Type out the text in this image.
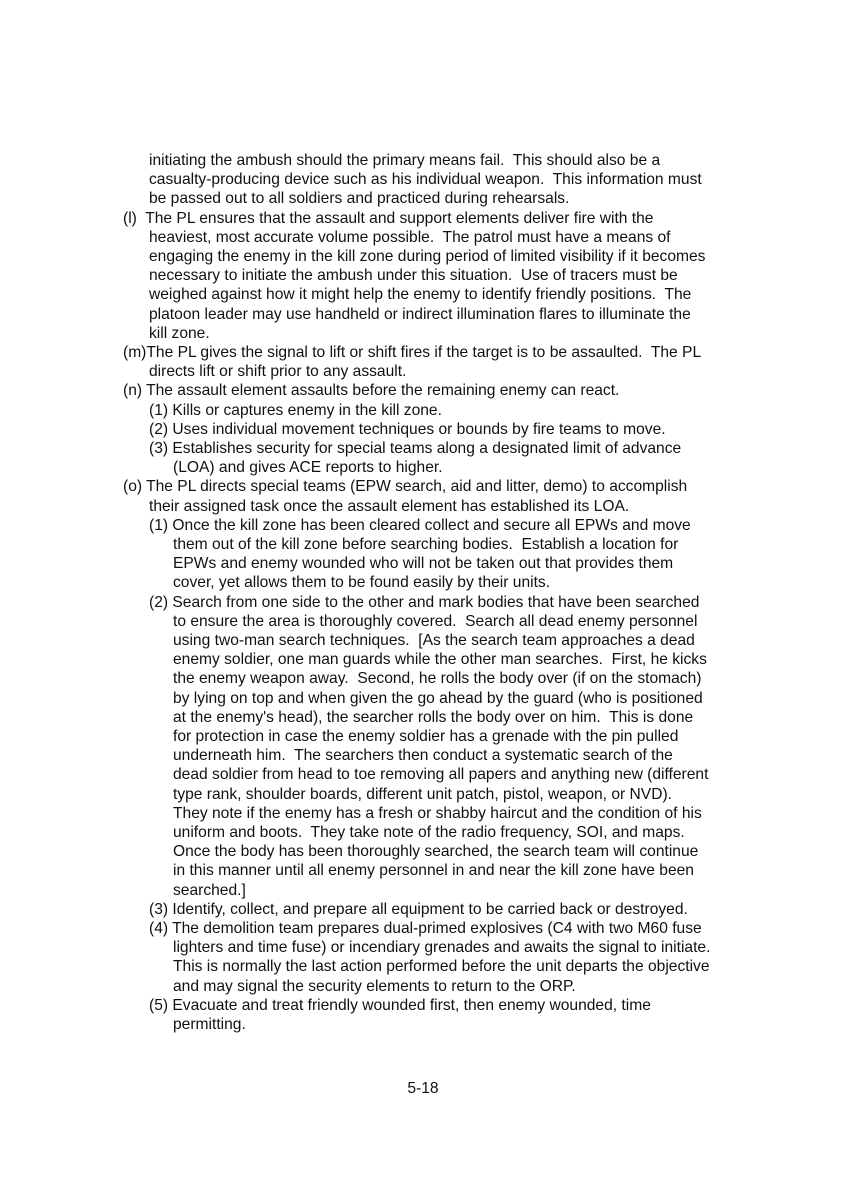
initiating the ambush should the primary means fail.  This should also be a
casualty-producing device such as his individual weapon.  This information must
be passed out to all soldiers and practiced during rehearsals.
(l)  The PL ensures that the assault and support elements deliver fire with the
heaviest, most accurate volume possible.  The patrol must have a means of
engaging the enemy in the kill zone during period of limited visibility if it becomes
necessary to initiate the ambush under this situation.  Use of tracers must be
weighed against how it might help the enemy to identify friendly positions.  The
platoon leader may use handheld or indirect illumination flares to illuminate the
kill zone.
(m)The PL gives the signal to lift or shift fires if the target is to be assaulted.  The PL
directs lift or shift prior to any assault.
(n) The assault element assaults before the remaining enemy can react.
(1) Kills or captures enemy in the kill zone.
(2) Uses individual movement techniques or bounds by fire teams to move.
(3) Establishes security for special teams along a designated limit of advance
(LOA) and gives ACE reports to higher.
(o) The PL directs special teams (EPW search, aid and litter, demo) to accomplish
their assigned task once the assault element has established its LOA.
(1) Once the kill zone has been cleared collect and secure all EPWs and move
them out of the kill zone before searching bodies.  Establish a location for
EPWs and enemy wounded who will not be taken out that provides them
cover, yet allows them to be found easily by their units.
(2) Search from one side to the other and mark bodies that have been searched
to ensure the area is thoroughly covered.  Search all dead enemy personnel
using two-man search techniques.  [As the search team approaches a dead
enemy soldier, one man guards while the other man searches.  First, he kicks
the enemy weapon away.  Second, he rolls the body over (if on the stomach)
by lying on top and when given the go ahead by the guard (who is positioned
at the enemy's head), the searcher rolls the body over on him.  This is done
for protection in case the enemy soldier has a grenade with the pin pulled
underneath him.  The searchers then conduct a systematic search of the
dead soldier from head to toe removing all papers and anything new (different
type rank, shoulder boards, different unit patch, pistol, weapon, or NVD).
They note if the enemy has a fresh or shabby haircut and the condition of his
uniform and boots.  They take note of the radio frequency, SOI, and maps.
Once the body has been thoroughly searched, the search team will continue
in this manner until all enemy personnel in and near the kill zone have been
searched.]
(3) Identify, collect, and prepare all equipment to be carried back or destroyed.
(4) The demolition team prepares dual-primed explosives (C4 with two M60 fuse
lighters and time fuse) or incendiary grenades and awaits the signal to initiate.
This is normally the last action performed before the unit departs the objective
and may signal the security elements to return to the ORP.
(5) Evacuate and treat friendly wounded first, then enemy wounded, time
permitting.
5-18
